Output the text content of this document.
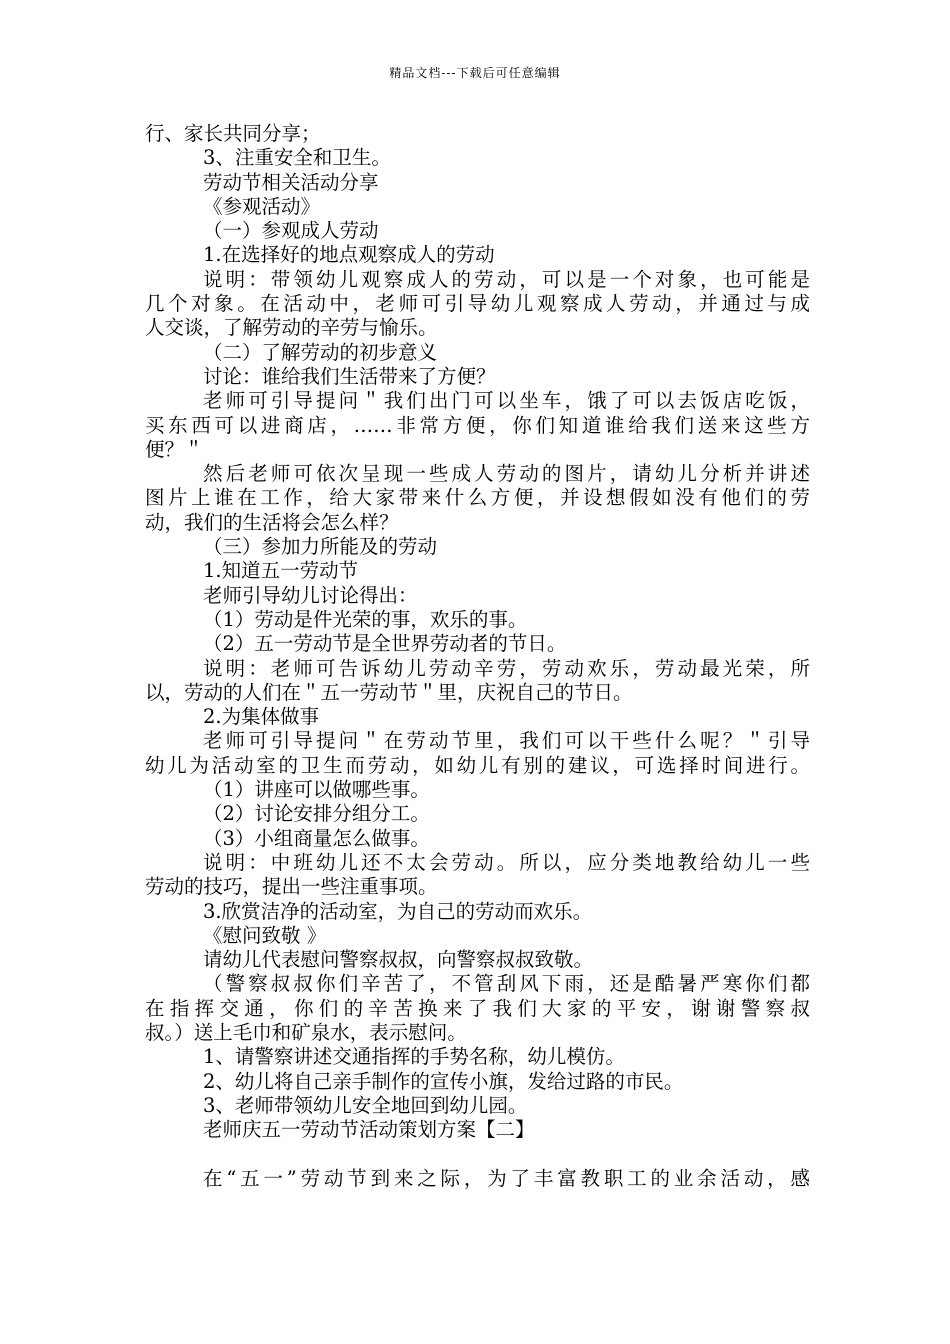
精品文档---下载后可任意编辑
行、家长共同分享；
3、注重安全和卫生。
劳动节相关活动分享
《参观活动》
（一）参观成人劳动
1.在选择好的地点观察成人的劳动
说明：带领幼儿观察成人的劳动，可以是一个对象，也可能是
几个对象。在活动中，老师可引导幼儿观察成人劳动，并通过与成
人交谈，了解劳动的辛劳与愉乐。
（二）了解劳动的初步意义
讨论：谁给我们生活带来了方便？
老师可引导提问＂我们出门可以坐车，饿了可以去饭店吃饭，
买东西可以进商店，……非常方便，你们知道谁给我们送来这些方
便？＂
然后老师可依次呈现一些成人劳动的图片，请幼儿分析并讲述
图片上谁在工作，给大家带来什么方便，并设想假如没有他们的劳
动，我们的生活将会怎么样？
（三）参加力所能及的劳动
1.知道五一劳动节
老师引导幼儿讨论得出：
（1）劳动是件光荣的事，欢乐的事。
（2）五一劳动节是全世界劳动者的节日。
说明：老师可告诉幼儿劳动辛劳，劳动欢乐，劳动最光荣，所
以，劳动的人们在＂五一劳动节＂里，庆祝自己的节日。
2.为集体做事
老师可引导提问＂在劳动节里，我们可以干些什么呢？＂引导
幼儿为活动室的卫生而劳动，如幼儿有别的建议，可选择时间进行。
（1）讲座可以做哪些事。
（2）讨论安排分组分工。
（3）小组商量怎么做事。
说明：中班幼儿还不太会劳动。所以，应分类地教给幼儿一些
劳动的技巧，提出一些注重事项。
3.欣赏洁净的活动室，为自己的劳动而欢乐。
《慰问致敬 》
请幼儿代表慰问警察叔叔，向警察叔叔致敬。
（警察叔叔你们辛苦了，不管刮风下雨，还是酷暑严寒你们都
在指挥交通，你们的辛苦换来了我们大家的平安，谢谢警察叔
叔。）送上毛巾和矿泉水，表示慰问。
1、请警察讲述交通指挥的手势名称，幼儿模仿。
2、幼儿将自己亲手制作的宣传小旗，发给过路的市民。
3、老师带领幼儿安全地回到幼儿园。
老师庆五一劳动节活动策划方案【二】
在“五一”劳动节到来之际，为了丰富教职工的业余活动，感
